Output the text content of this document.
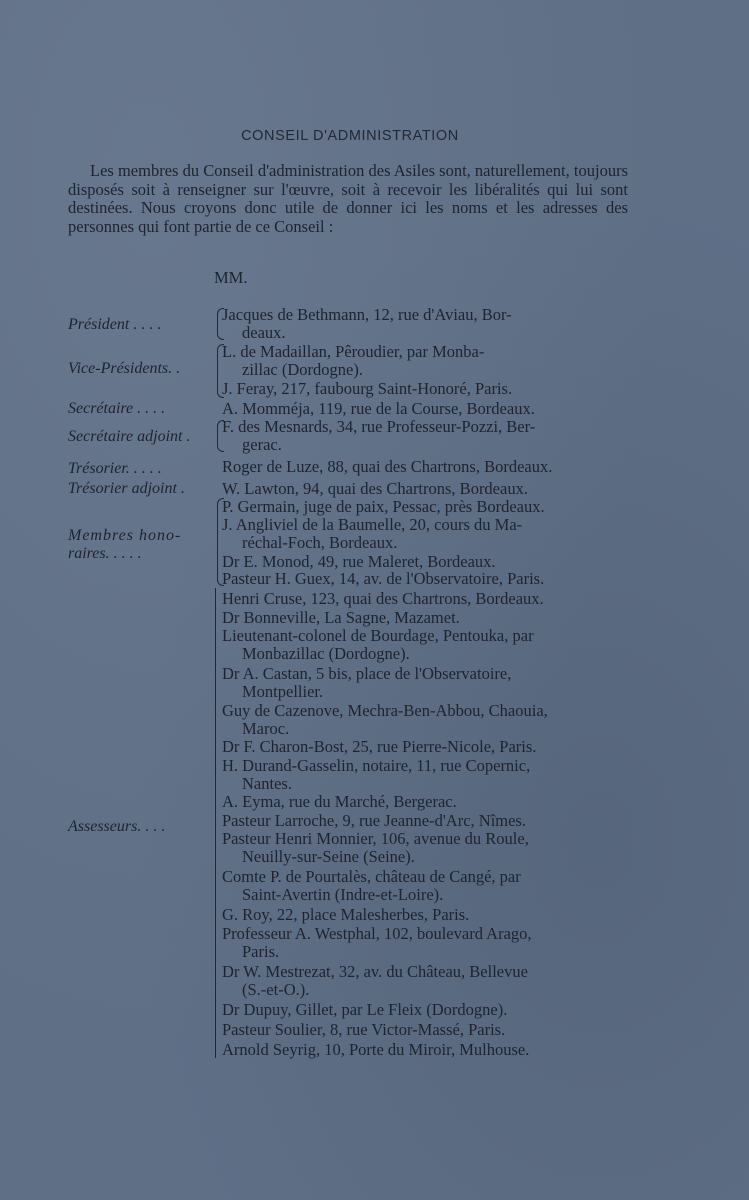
CONSEIL D'ADMINISTRATION

Les membres du Conseil d'administration des Asiles sont, naturellement, toujours disposés soit à renseigner sur l'œuvre, soit à recevoir les libéralités qui lui sont destinées. Nous croyons donc utile de donner ici les noms et les adresses des personnes qui font partie de ce Conseil :

MM.
Président . . . .
Vice-Présidents. .
Secrétaire . . . .
Secrétaire adjoint .
Trésorier. . . . .
Trésorier adjoint .
Membres hono-
raires. . . . .
Assesseurs. . . .
Jacques de Bethmann, 12, rue d'Aviau, Bor-
deaux.
L. de Madaillan, Pêroudier, par Monba-
zillac (Dordogne).
J. Feray, 217, faubourg Saint-Honoré, Paris.
A. Momméja, 119, rue de la Course, Bordeaux.
F. des Mesnards, 34, rue Professeur-Pozzi, Ber-
gerac.
Roger de Luze, 88, quai des Chartrons, Bordeaux.
W. Lawton, 94, quai des Chartrons, Bordeaux.
P. Germain, juge de paix, Pessac, près Bordeaux.
J. Angliviel de la Baumelle, 20, cours du Ma-
réchal-Foch, Bordeaux.
Dr E. Monod, 49, rue Maleret, Bordeaux.
Pasteur H. Guex, 14, av. de l'Observatoire, Paris.
Henri Cruse, 123, quai des Chartrons, Bordeaux.
Dr Bonneville, La Sagne, Mazamet.
Lieutenant-colonel de Bourdage, Pentouka, par
Monbazillac (Dordogne).
Dr A. Castan, 5 bis, place de l'Observatoire,
Montpellier.
Guy de Cazenove, Mechra-Ben-Abbou, Chaouia,
Maroc.
Dr F. Charon-Bost, 25, rue Pierre-Nicole, Paris.
H. Durand-Gasselin, notaire, 11, rue Copernic,
Nantes.
A. Eyma, rue du Marché, Bergerac.
Pasteur Larroche, 9, rue Jeanne-d'Arc, Nîmes.
Pasteur Henri Monnier, 106, avenue du Roule,
Neuilly-sur-Seine (Seine).
Comte P. de Pourtalès, château de Cangé, par
Saint-Avertin (Indre-et-Loire).
G. Roy, 22, place Malesherbes, Paris.
Professeur A. Westphal, 102, boulevard Arago,
Paris.
Dr W. Mestrezat, 32, av. du Château, Bellevue
(S.-et-O.).
Dr Dupuy, Gillet, par Le Fleix (Dordogne).
Pasteur Soulier, 8, rue Victor-Massé, Paris.
Arnold Seyrig, 10, Porte du Miroir, Mulhouse.
